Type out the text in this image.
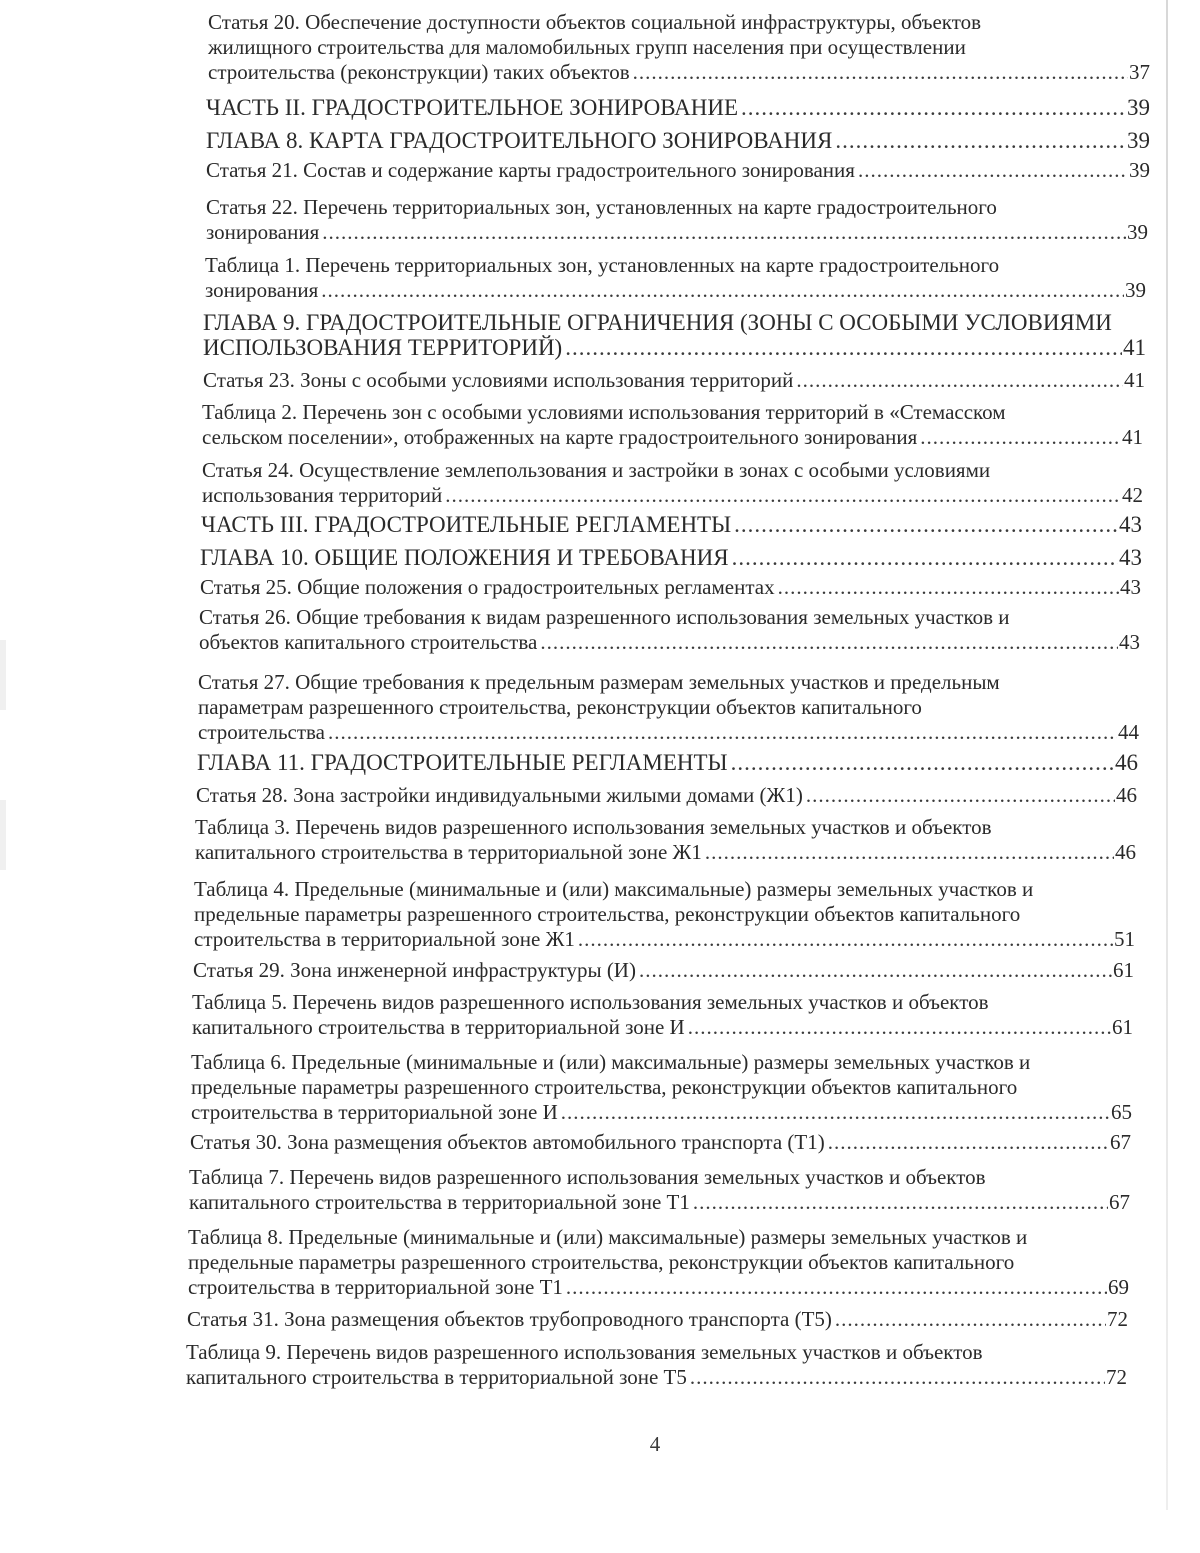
Статья 20. Обеспечение доступности объектов социальной инфраструктуры, объектов
жилищного строительства для маломобильных групп населения при осуществлении
строительства (реконструкции) таких объектов .....	37
ЧАСТЬ II. ГРАДОСТРОИТЕЛЬНОЕ ЗОНИРОВАНИЕ .....	39
ГЛАВА 8. КАРТА ГРАДОСТРОИТЕЛЬНОГО ЗОНИРОВАНИЯ .....	39
Статья 21. Состав и содержание карты градостроительного зонирования .....	39
Статья 22. Перечень территориальных зон, установленных на карте градостроительного
зонирования .....	39
Таблица 1. Перечень территориальных зон, установленных на карте градостроительного
зонирования .....	39
ГЛАВА 9. ГРАДОСТРОИТЕЛЬНЫЕ ОГРАНИЧЕНИЯ (ЗОНЫ С ОСОБЫМИ УСЛОВИЯМИ
ИСПОЛЬЗОВАНИЯ ТЕРРИТОРИЙ) .....	41
Статья 23. Зоны с особыми условиями использования территорий .....	41
Таблица 2. Перечень зон с особыми условиями использования территорий в «Стемасском
сельском поселении», отображенных на карте градостроительного зонирования .....	41
Статья 24. Осуществление землепользования и застройки в зонах с особыми условиями
использования территорий .....	42
ЧАСТЬ III. ГРАДОСТРОИТЕЛЬНЫЕ РЕГЛАМЕНТЫ .....	43
ГЛАВА 10. ОБЩИЕ ПОЛОЖЕНИЯ И ТРЕБОВАНИЯ .....	43
Статья 25. Общие положения о градостроительных регламентах .....	43
Статья 26. Общие требования к видам разрешенного использования земельных участков и
объектов капитального строительства .....	43
Статья 27. Общие требования к предельным размерам земельных участков и предельным
параметрам разрешенного строительства, реконструкции объектов капитального
строительства .....	44
ГЛАВА 11. ГРАДОСТРОИТЕЛЬНЫЕ РЕГЛАМЕНТЫ .....	46
Статья 28. Зона застройки индивидуальными жилыми домами (Ж1) .....	46
Таблица 3. Перечень видов разрешенного использования земельных участков и объектов
капитального строительства в территориальной зоне Ж1 .....	46
Таблица 4. Предельные (минимальные и (или) максимальные) размеры земельных участков и
предельные параметры разрешенного строительства, реконструкции объектов капитального
строительства в территориальной зоне Ж1 .....	51
Статья 29. Зона инженерной инфраструктуры (И) .....	61
Таблица 5. Перечень видов разрешенного использования земельных участков и объектов
капитального строительства в территориальной зоне И .....	61
Таблица 6. Предельные (минимальные и (или) максимальные) размеры земельных участков и
предельные параметры разрешенного строительства, реконструкции объектов капитального
строительства в территориальной зоне И .....	65
Статья 30. Зона размещения объектов автомобильного транспорта (Т1) .....	67
Таблица 7. Перечень видов разрешенного использования земельных участков и объектов
капитального строительства в территориальной зоне Т1 .....	67
Таблица 8. Предельные (минимальные и (или) максимальные) размеры земельных участков и
предельные параметры разрешенного строительства, реконструкции объектов капитального
строительства в территориальной зоне Т1 .....	69
Статья 31. Зона размещения объектов трубопроводного транспорта (Т5) .....	72
Таблица 9. Перечень видов разрешенного использования земельных участков и объектов
капитального строительства в территориальной зоне Т5 .....	72
4
